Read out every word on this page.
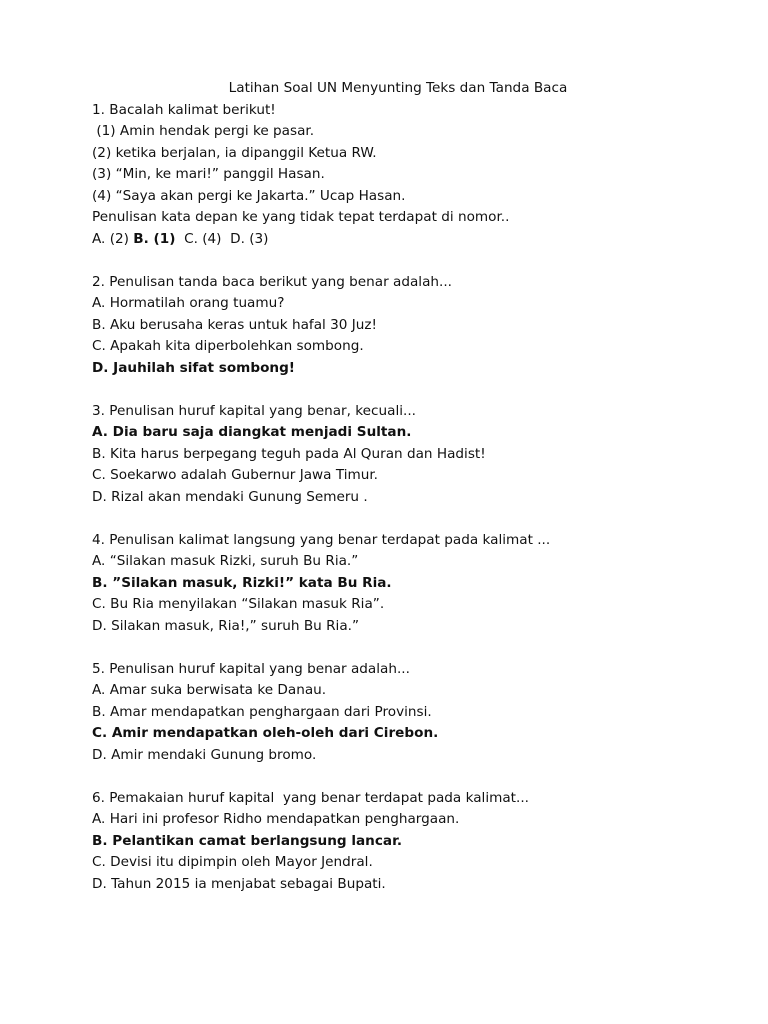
Latihan Soal UN Menyunting Teks dan Tanda Baca
1. Bacalah kalimat berikut!
(1) Amin hendak pergi ke pasar.
(2) ketika berjalan, ia dipanggil Ketua RW.
(3) “Min, ke mari!” panggil Hasan.
(4) “Saya akan pergi ke Jakarta.” Ucap Hasan.
Penulisan kata depan ke yang tidak tepat terdapat di nomor..
A. (2) B. (1)  C. (4)  D. (3)
2. Penulisan tanda baca berikut yang benar adalah...
A. Hormatilah orang tuamu?
B. Aku berusaha keras untuk hafal 30 Juz!
C. Apakah kita diperbolehkan sombong.
D. Jauhilah sifat sombong!
3. Penulisan huruf kapital yang benar, kecuali...
A. Dia baru saja diangkat menjadi Sultan.
B. Kita harus berpegang teguh pada Al Quran dan Hadist!
C. Soekarwo adalah Gubernur Jawa Timur.
D. Rizal akan mendaki Gunung Semeru .
4. Penulisan kalimat langsung yang benar terdapat pada kalimat ...
A. “Silakan masuk Rizki, suruh Bu Ria.”
B. ”Silakan masuk, Rizki!” kata Bu Ria.
C. Bu Ria menyilakan “Silakan masuk Ria”.
D. Silakan masuk, Ria!,” suruh Bu Ria.”
5. Penulisan huruf kapital yang benar adalah...
A. Amar suka berwisata ke Danau.
B. Amar mendapatkan penghargaan dari Provinsi.
C. Amir mendapatkan oleh-oleh dari Cirebon.
D. Amir mendaki Gunung bromo.
6. Pemakaian huruf kapital  yang benar terdapat pada kalimat...
A. Hari ini profesor Ridho mendapatkan penghargaan.
B. Pelantikan camat berlangsung lancar.
C. Devisi itu dipimpin oleh Mayor Jendral.
D. Tahun 2015 ia menjabat sebagai Bupati.
